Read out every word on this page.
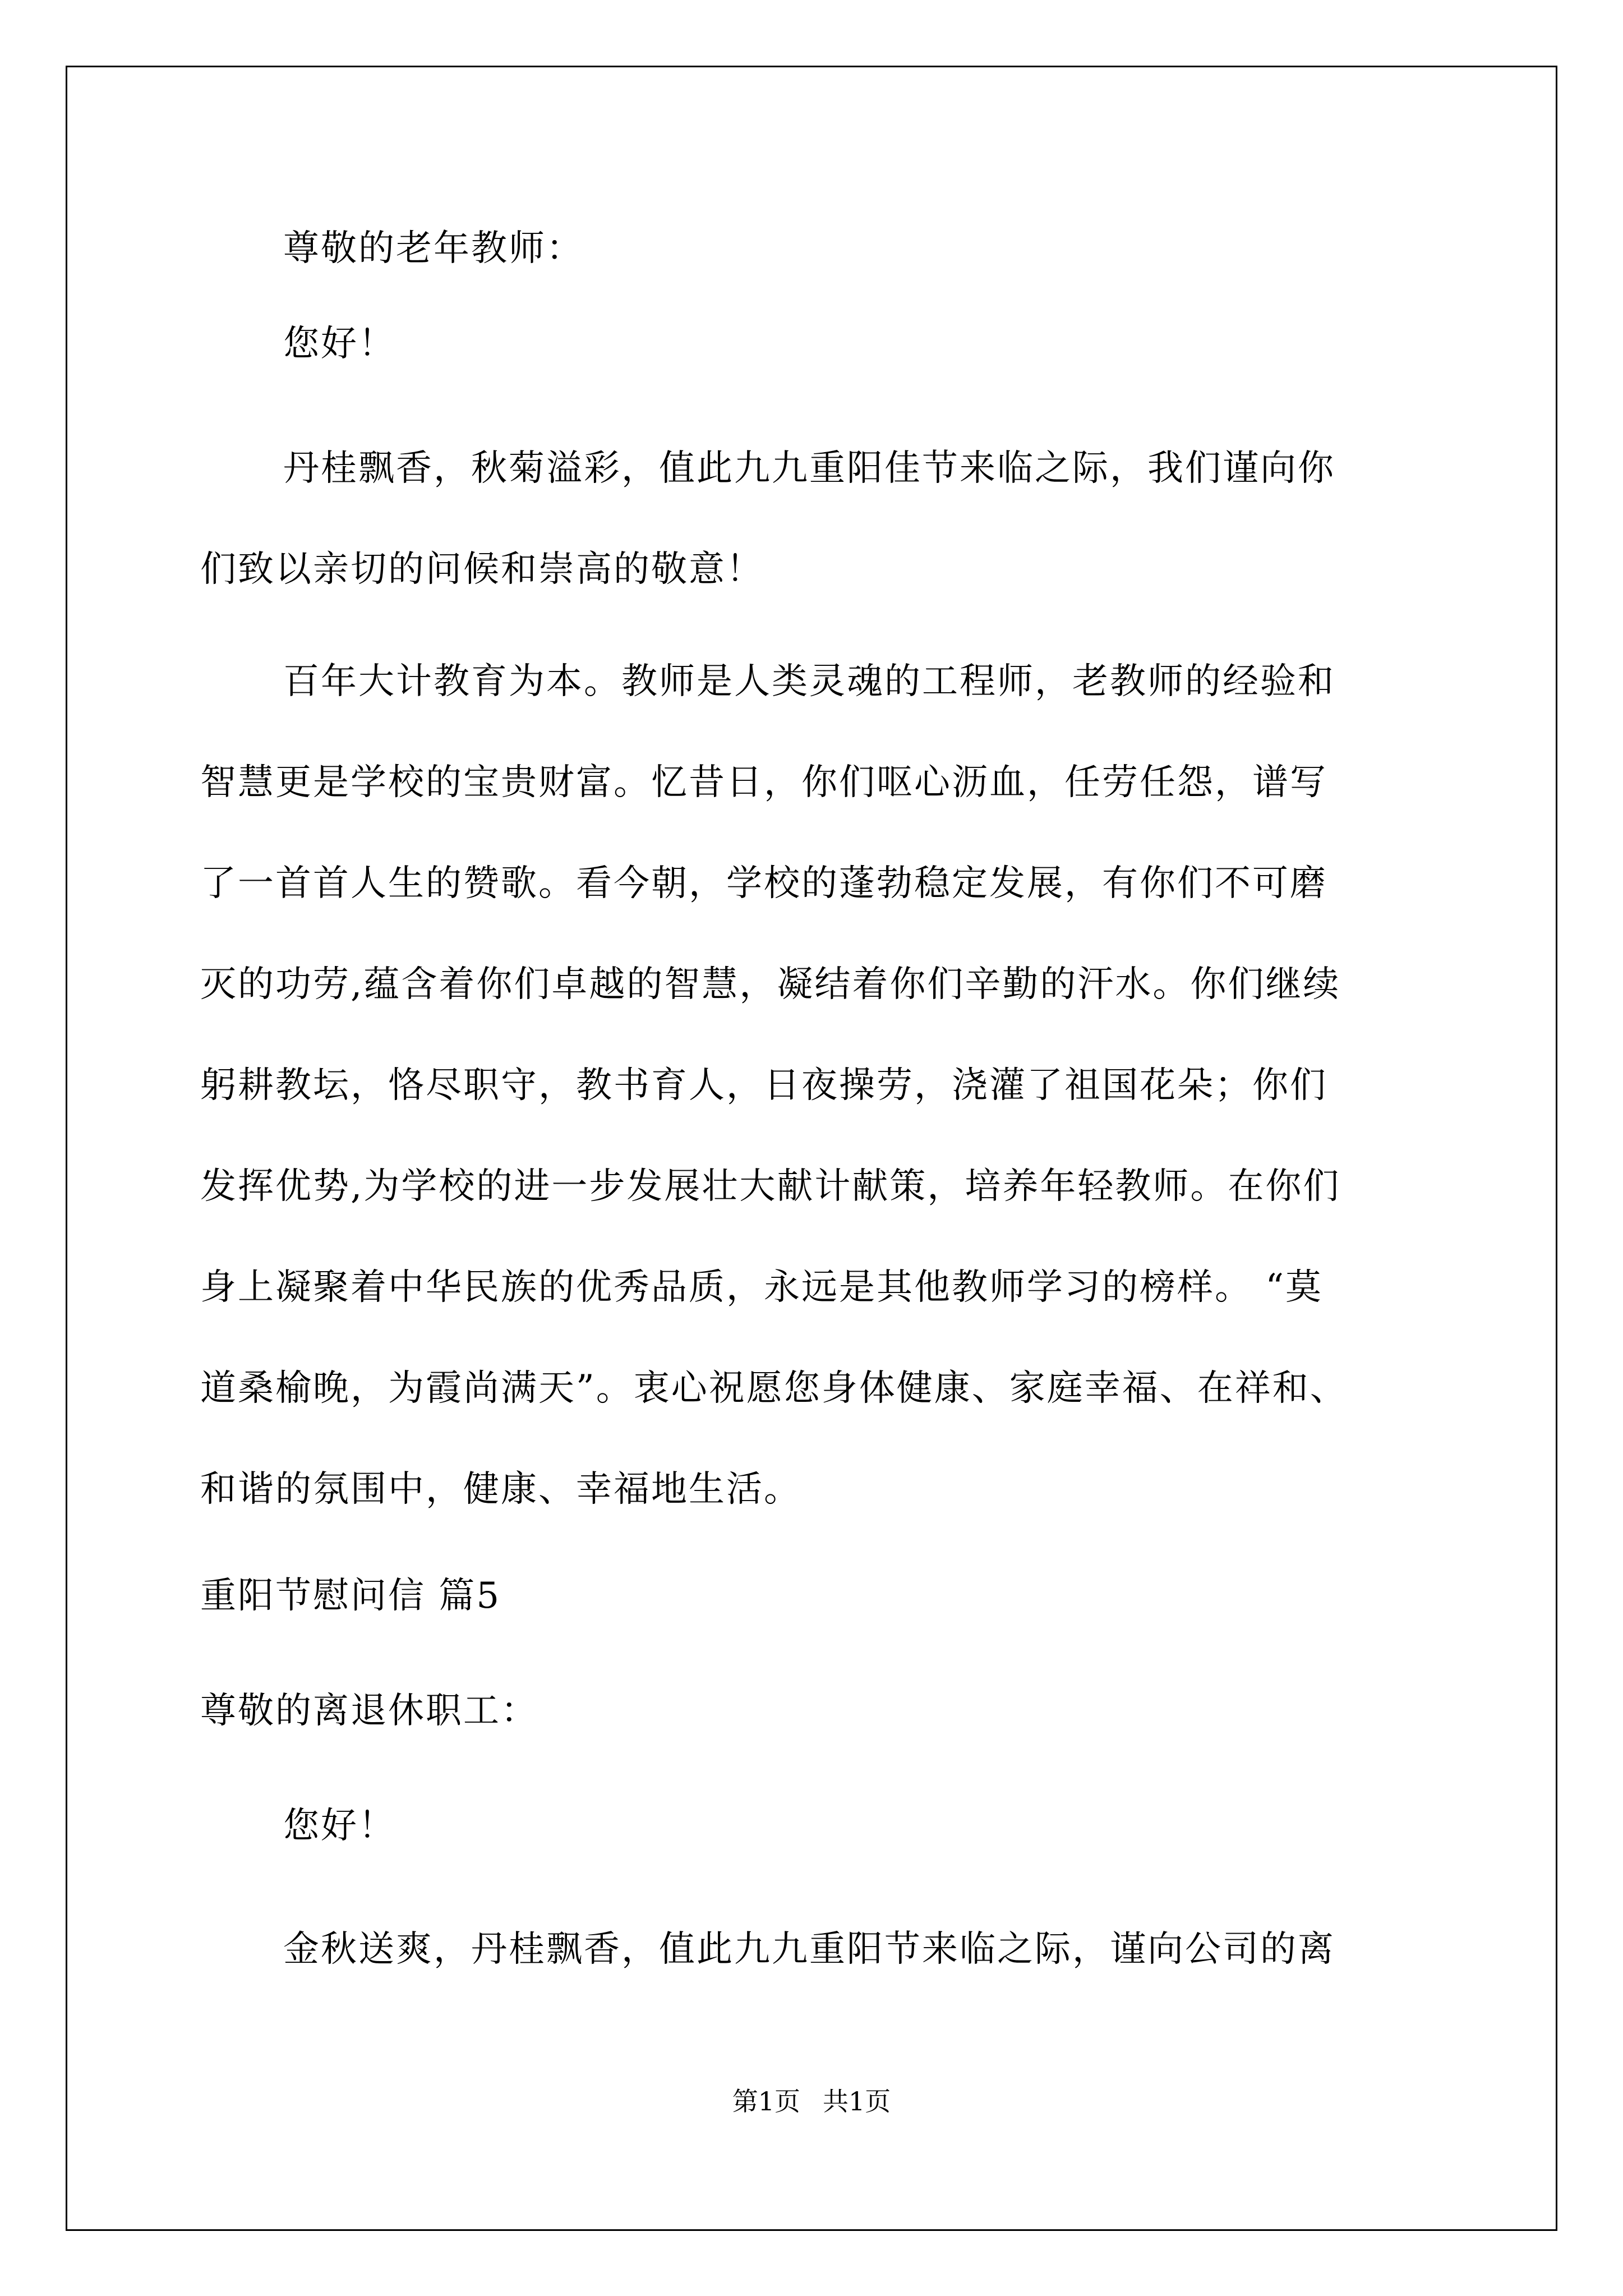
尊敬的老年教师：
您好！
丹桂飘香，秋菊溢彩，值此九九重阳佳节来临之际，我们谨向你
们致以亲切的问候和崇高的敬意！
百年大计教育为本。教师是人类灵魂的工程师，老教师的经验和
智慧更是学校的宝贵财富。忆昔日，你们呕心沥血，任劳任怨，谱写
了一首首人生的赞歌。看今朝，学校的蓬勃稳定发展，有你们不可磨
灭的功劳,蕴含着你们卓越的智慧，凝结着你们辛勤的汗水。你们继续
躬耕教坛，恪尽职守，教书育人，日夜操劳，浇灌了祖国花朵；你们
发挥优势,为学校的进一步发展壮大献计献策，培养年轻教师。在你们
身上凝聚着中华民族的优秀品质，永远是其他教师学习的榜样。 “莫
道桑榆晚，为霞尚满天”。衷心祝愿您身体健康、家庭幸福、在祥和、
和谐的氛围中，健康、幸福地生活。
重阳节慰问信 篇5
尊敬的离退休职工：
您好！
金秋送爽，丹桂飘香，值此九九重阳节来临之际，谨向公司的离
第1页 共1页
